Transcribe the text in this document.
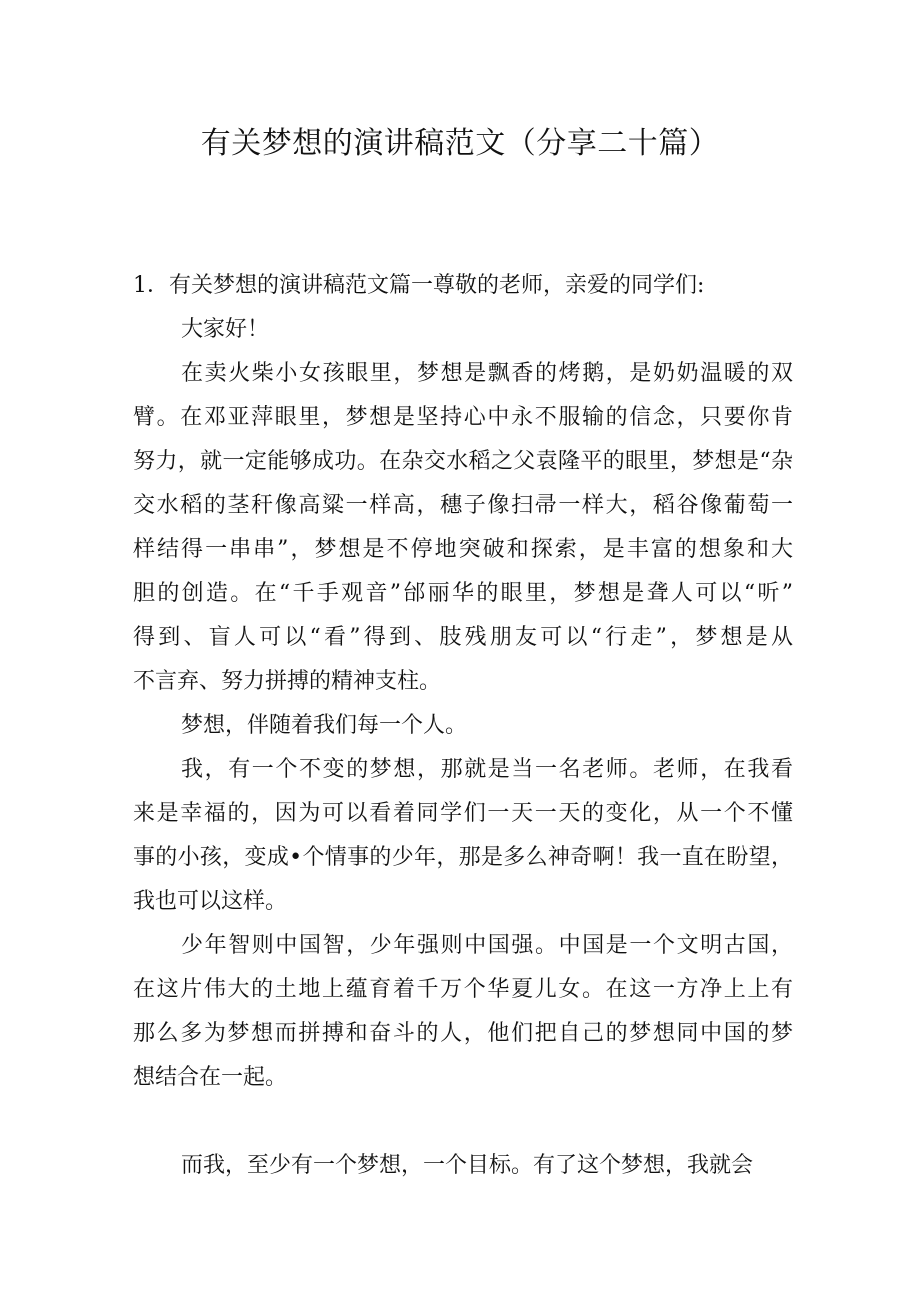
有关梦想的演讲稿范文（分享二十篇）
1．有关梦想的演讲稿范文篇一尊敬的老师，亲爱的同学们:
大家好！
在卖火柴小女孩眼里，梦想是飘香的烤鹅，是奶奶温暖的双
臂。在邓亚萍眼里，梦想是坚持心中永不服输的信念，只要你肯
努力，就一定能够成功。在杂交水稻之父袁隆平的眼里，梦想是“杂
交水稻的茎秆像高粱一样高，穗子像扫帚一样大，稻谷像葡萄一
样结得一串串”，梦想是不停地突破和探索，是丰富的想象和大
胆的创造。在“千手观音”邰丽华的眼里，梦想是聋人可以“听”
得到、盲人可以“看”得到、肢残朋友可以“行走”，梦想是从
不言弃、努力拼搏的精神支柱。
梦想，伴随着我们每一个人。
我，有一个不变的梦想，那就是当一名老师。老师，在我看
来是幸福的，因为可以看着同学们一天一天的变化，从一个不懂
事的小孩，变成•个情事的少年，那是多么神奇啊！我一直在盼望，
我也可以这样。
少年智则中国智，少年强则中国强。中国是一个文明古国，
在这片伟大的土地上蕴育着千万个华夏儿女。在这一方净上上有
那么多为梦想而拼搏和奋斗的人，他们把自己的梦想同中国的梦
想结合在一起。
而我，至少有一个梦想，一个目标。有了这个梦想，我就会
